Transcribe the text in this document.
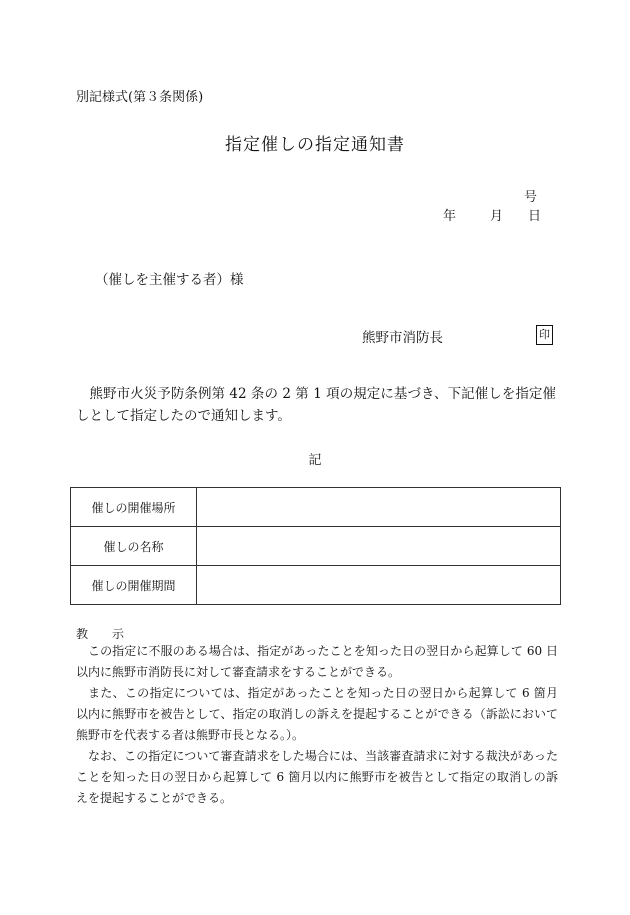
別記様式(第３条関係)
指定催しの指定通知書
号
年	月 日
（催しを主催する者）様
熊野市消防長	印
熊野市火災予防条例第 42 条の 2 第 1 項の規定に基づき、下記催しを指定催しとして指定したので通知します。
記
催しの開催場所	
催しの名称	
催しの開催期間	
教 示

この指定に不服のある場合は、指定があったことを知った日の翌日から起算して 60 日以内に熊野市消防長に対して審査請求をすることができる。

また、この指定については、指定があったことを知った日の翌日から起算して 6 箇月以内に熊野市を被告として、指定の取消しの訴えを提起することができる（訴訟において熊野市を代表する者は熊野市長となる。）。

なお、この指定について審査請求をした場合には、当該審査請求に対する裁決があったことを知った日の翌日から起算して 6 箇月以内に熊野市を被告として指定の取消しの訴えを提起することができる。
